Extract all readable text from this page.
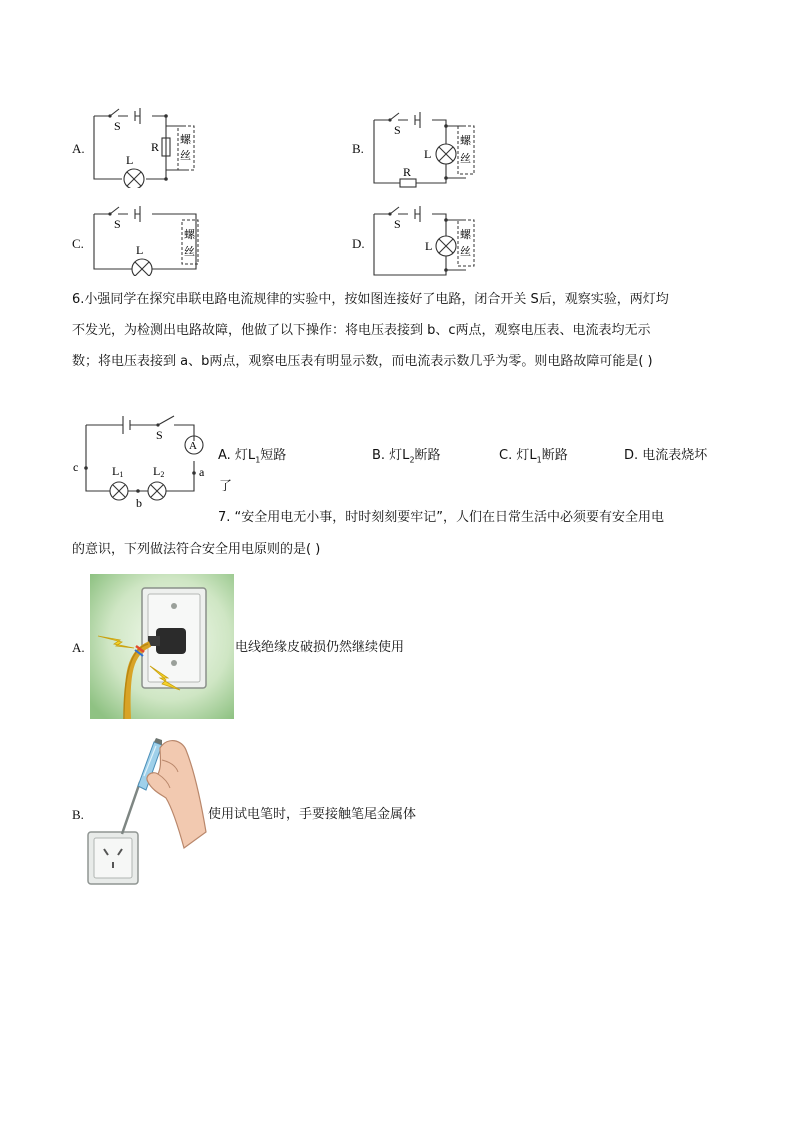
A.
S
R
L
螺
丝	B.
S
R
L
螺
丝
C.
S
L
螺
丝
D.
S
L
螺
丝
6.小强同学在探究串联电路电流规律的实验中，按如图连接好了电路，闭合开关 S后，观察实验，两灯均
不发光，为检测出电路故障，他做了以下操作：将电压表接到 b、c两点，观察电压表、电流表均无示
数；将电压表接到 a、b两点，观察电压表有明显示数，而电流表示数几乎为零。则电路故障可能是( )
S
A
c	a
b
L1 L2
A. 灯$L_1$短路	B. 灯$L_2$断路	C. 灯$L_1$断路	D. 电流表烧坏
了
7. “安全用电无小事，时时刻刻要牢记”，人们在日常生活中必须要有安全用电
的意识，下列做法符合安全用电原则的是( )
A.	电线绝缘皮破损仍然继续使用
B.	使用试电笔时，手要接触笔尾金属体
